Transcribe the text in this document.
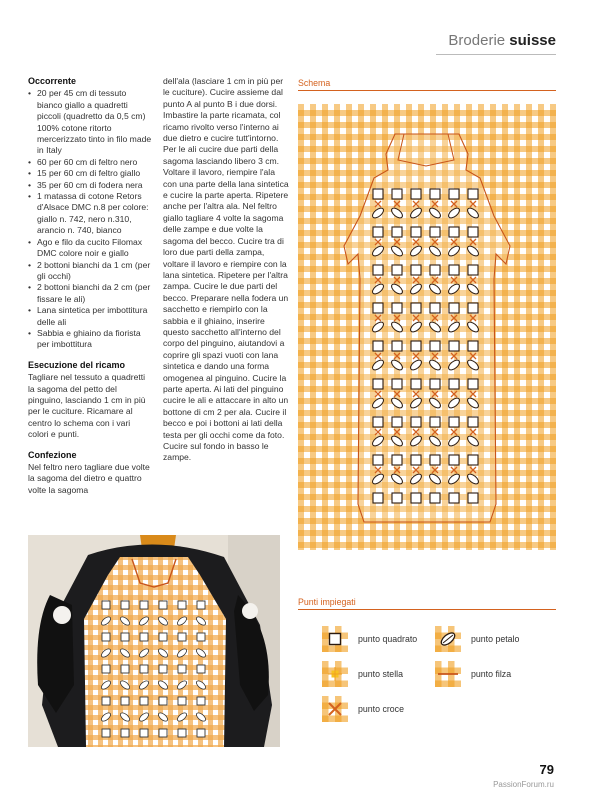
Broderie suisse
Occorrente
• 20 per 45 cm di tessuto bianco giallo a quadretti piccoli (quadretto da 0,5 cm) 100% cotone ritorto mercerizzato tinto in filo made in Italy
• 60 per 60 cm di feltro nero
• 15 per 60 cm di feltro giallo
• 35 per 60 cm di fodera nera
• 1 matassa di cotone Retors d'Alsace DMC n.8 per colore: giallo n. 742, nero n.310, arancio n. 740, bianco
• Ago e filo da cucito Filomax DMC colore noir e giallo
• 2 bottoni bianchi da 1 cm (per gli occhi)
• 2 bottoni bianchi da 2 cm (per fissare le ali)
• Lana sintetica per imbottitura delle ali
• Sabbia e ghiaino da fiorista per imbottitura
Esecuzione del ricamo

Tagliare nel tessuto a quadretti la sagoma del petto del pinguino, lasciando 1 cm in più per le cuciture. Ricamare al centro lo schema con i vari colori e punti.

Confezione

Nel feltro nero tagliare due volte la sagoma del dietro e quattro volte la sagoma

dell'ala (lasciare 1 cm in più per le cuciture). Cucire assieme dal punto A al punto B i due dorsi. Imbastire la parte ricamata, col ricamo rivolto verso l'interno ai due dietro e cucire tutt'intorno. Per le ali cucire due parti della sagoma lasciando libero 3 cm. Voltare il lavoro, riempire l'ala con una parte della lana sintetica e cucire la parte aperta. Ripetere anche per l'altra ala. Nel feltro giallo tagliare 4 volte la sagoma delle zampe e due volte la sagoma del becco. Cucire tra di loro due parti della zampa, voltare il lavoro e riempire con la lana sintetica. Ripetere per l'altra zampa. Cucire le due parti del becco. Preparare nella fodera un sacchetto e riempirlo con la sabbia e il ghiaino, inserire questo sacchetto all'interno del corpo del pinguino, aiutandovi a coprire gli spazi vuoti con lana sintetica e dando una forma omogenea al pinguino. Cucire la parte aperta. Ai lati del pinguino cucire le ali e attaccare in alto un bottone di cm 2 per ala. Cucire il becco e poi i bottoni ai lati della testa per gli occhi come da foto. Cucire sul fondo in basso le zampe.

Schema
Punti impiegati
punto quadrato	punto petalo
punto stella	punto filza
punto croce
79
PassionForum.ru
